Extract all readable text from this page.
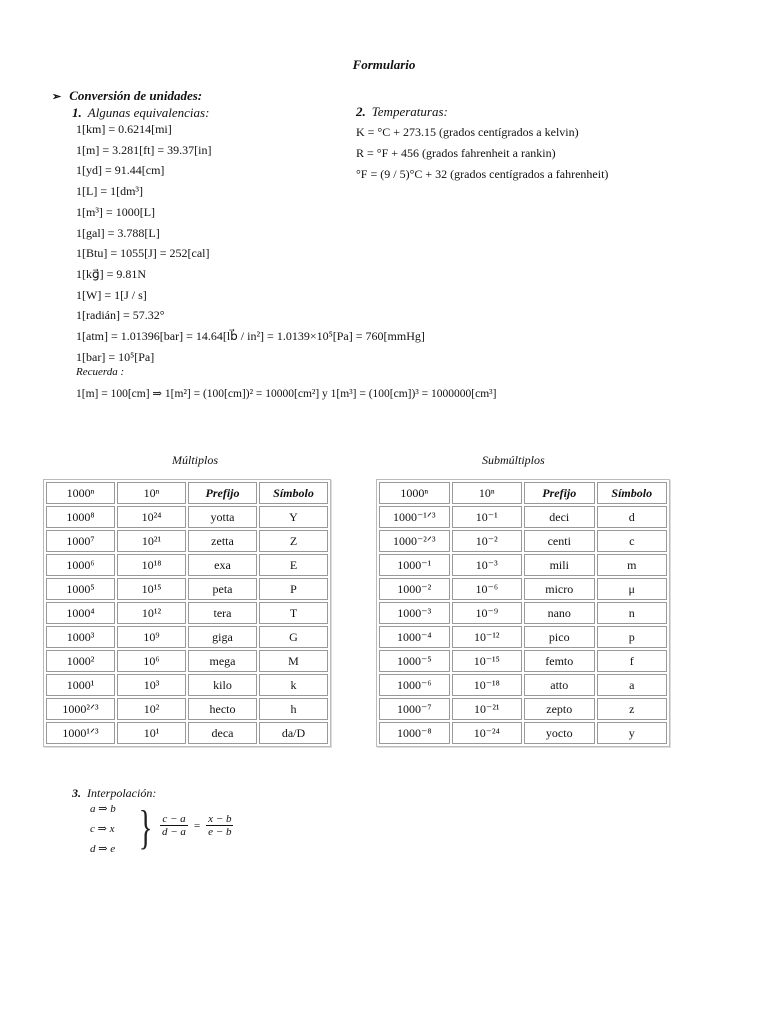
Formulario
➢ Conversión de unidades:
1. Algunas equivalencias:	2. Temperaturas:
1[km] = 0.6214[mi]
1[m] = 3.281[ft] = 39.37[in]
1[yd] = 91.44[cm]
1[L] = 1[dm³]
1[m³] = 1000[L]
1[gal] = 3.788[L]
1[Btu] = 1055[J] = 252[cal]
1[kg⃗] = 9.81N
1[W] = 1[J / s]
1[radián] = 57.32°
1[atm] = 1.01396[bar] = 14.64[lb⃗ / in²] = 1.0139×10⁵[Pa] = 760[mmHg]
1[bar] = 10⁵[Pa]
K = °C + 273.15 (grados centígrados a kelvin)
R = °F + 456 (grados fahrenheit a rankin)
°F = (9 / 5)°C + 32 (grados centígrados a fahrenheit)
Recuerda :
1[m] = 100[cm] ⇒ 1[m²] = (100[cm])² = 10000[cm²] y 1[m³] = (100[cm])³ = 1000000[cm³]
Múltiplos	Submúltiplos
1000ⁿ	10ⁿ	Prefijo	Símbolo
1000⁸	10²⁴	yotta	Y
1000⁷	10²¹	zetta	Z
1000⁶	10¹⁸	exa	E
1000⁵	10¹⁵	peta	P
1000⁴	10¹²	tera	T
1000³	10⁹	giga	G
1000²	10⁶	mega	M
1000¹	10³	kilo	k
1000²ᐟ³	10²	hecto	h
1000¹ᐟ³	10¹	deca	da/D
1000ⁿ	10ⁿ	Prefijo	Símbolo
1000⁻¹ᐟ³	10⁻¹	deci	d
1000⁻²ᐟ³	10⁻²	centi	c
1000⁻¹	10⁻³	mili	m
1000⁻²	10⁻⁶	micro	μ
1000⁻³	10⁻⁹	nano	n
1000⁻⁴	10⁻¹²	pico	p
1000⁻⁵	10⁻¹⁵	femto	f
1000⁻⁶	10⁻¹⁸	atto	a
1000⁻⁷	10⁻²¹	zepto	z
1000⁻⁸	10⁻²⁴	yocto	y
3. Interpolación:
a ⇒ b
c ⇒ x
d ⇒ e } $\frac{c - a}{d - a} = \frac{x - b}{e - b}$
